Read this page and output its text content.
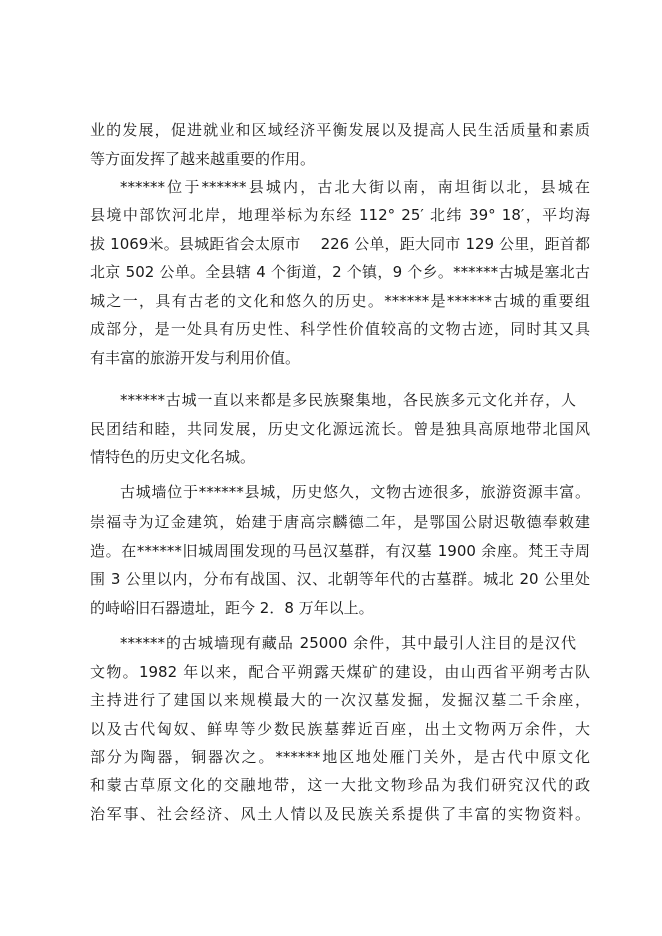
业的发展，促进就业和区域经济平衡发展以及提高人民生活质量和素质
等方面发挥了越来越重要的作用。
******位于******县城内，古北大街以南，南坦街以北，县城在
县境中部饮河北岸，地理举标为东经 112° 25′ 北纬 39° 18′，平均海
拔 1069米。县城距省会太原市　 226 公单，距大同市 129 公里，距首都
北京 502 公单。全县辖 4 个街道，2 个镇，9 个乡。******古城是塞北古
城之一，具有古老的文化和悠久的历史。******是******古城的重要组
成部分，是一处具有历史性、科学性价值较高的文物古迹，同时其又具
有丰富的旅游开发与利用价值。
******古城一直以来都是多民族聚集地，各民族多元文化并存，人
民团结和睦，共同发展，历史文化源远流长。曾是独具高原地带北国风
情特色的历史文化名城。
古城墙位于******县城，历史悠久，文物古迹很多，旅游资源丰富。
崇福寺为辽金建筑，始建于唐高宗麟德二年，是鄂国公尉迟敬德奉敕建
造。在******旧城周围发现的马邑汉墓群，有汉墓 1900 余座。梵王寺周
围 3 公里以内，分布有战国、汉、北朝等年代的古墓群。城北 20 公里处
的峙峪旧石器遗址，距今 2．8 万年以上。
******的古城墙现有藏品 25000 余件，其中最引人注目的是汉代
文物。1982 年以来，配合平朔露天煤矿的建设，由山西省平朔考古队
主持进行了建国以来规模最大的一次汉墓发掘，发掘汉墓二千余座，
以及古代匈奴、鲜卑等少数民族墓葬近百座，出土文物两万余件，大
部分为陶器，铜器次之。******地区地处雁门关外，是古代中原文化
和蒙古草原文化的交融地带，这一大批文物珍品为我们研究汉代的政
治军事、社会经济、风土人情以及民族关系提供了丰富的实物资料。
